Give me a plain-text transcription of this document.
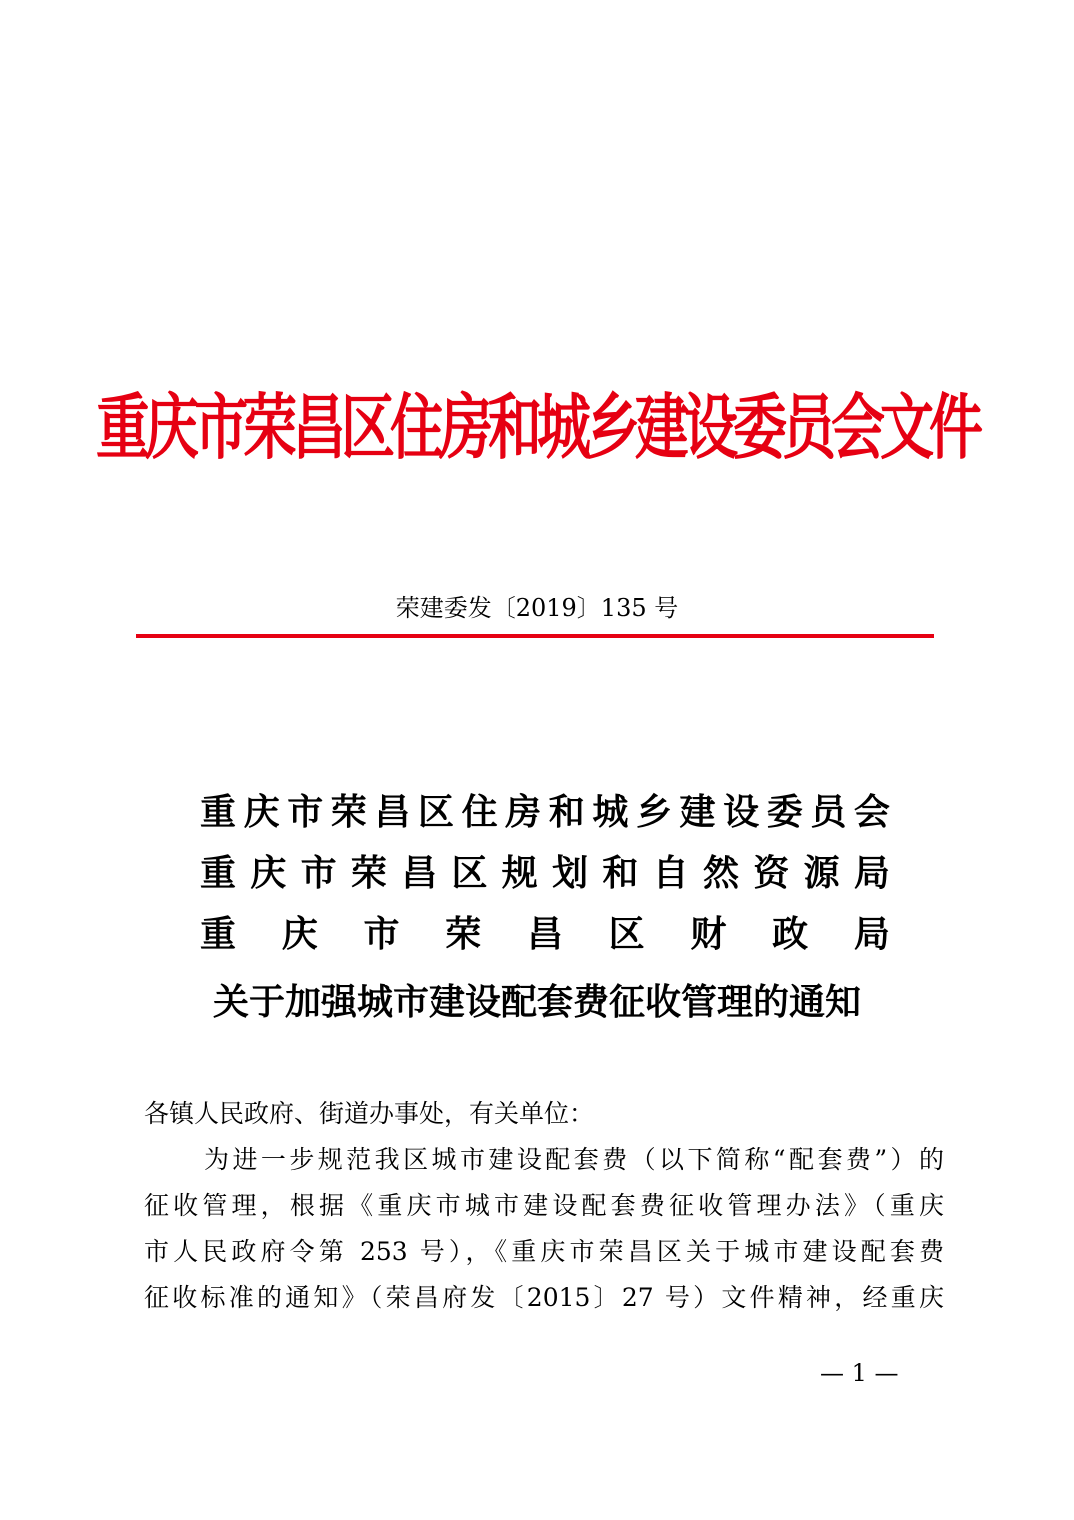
重庆市荣昌区住房和城乡建设委员会文件
荣建委发〔2019〕135 号
重 庆 市 荣 昌 区 住 房 和 城 乡 建 设 委 员 会
重 庆 市 荣 昌 区 规 划 和 自 然 资 源 局
重 庆 市 荣 昌 区 财 政 局
关于加强城市建设配套费征收管理的通知
各镇人民政府、街道办事处，有关单位：
为进一步规范我区城市建设配套费（以下简称“配套费”）的
征收管理，根据《重庆市城市建设配套费征收管理办法》（重庆
市人民政府令第 253 号），《重庆市荣昌区关于城市建设配套费
征收标准的通知》（荣昌府发〔2015〕27 号）文件精神，经重庆
— 1 —
